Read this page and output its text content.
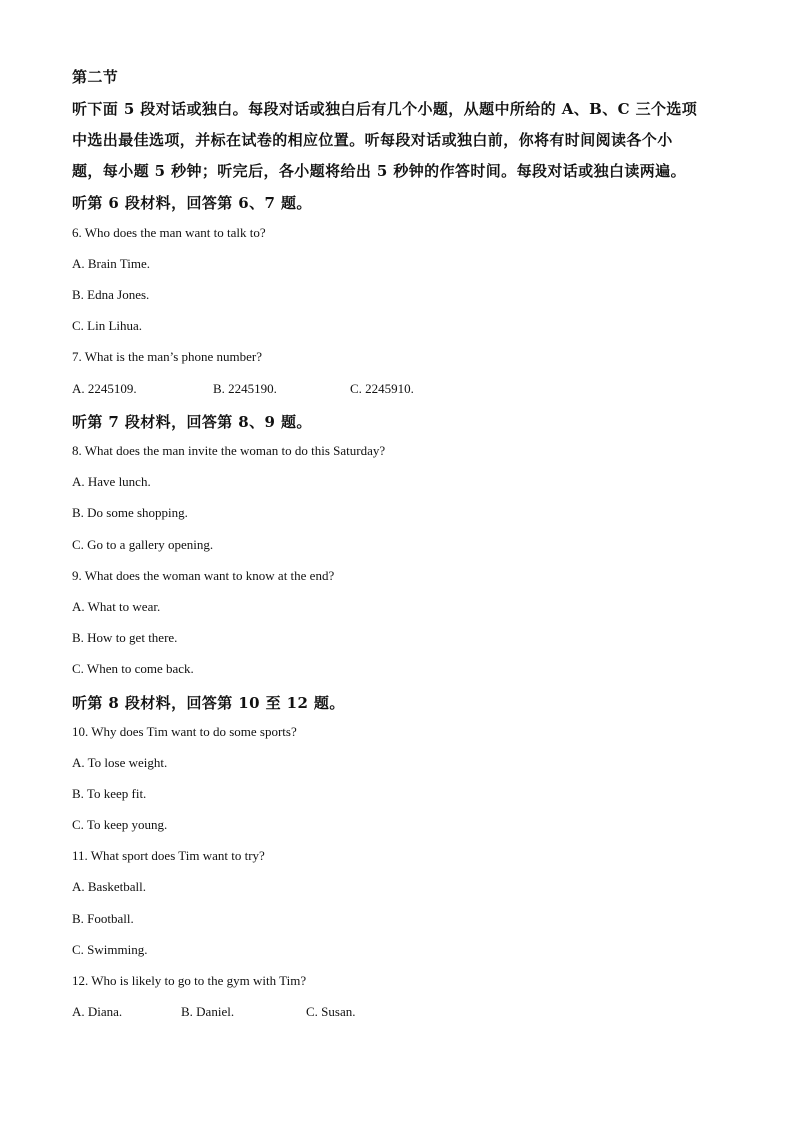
第二节
听下面 5 段对话或独白。每段对话或独白后有几个小题，从题中所给的 A、B、C 三个选项
中选出最佳选项，并标在试卷的相应位置。听每段对话或独白前，你将有时间阅读各个小
题，每小题 5 秒钟；听完后，各小题将给出 5 秒钟的作答时间。每段对话或独白读两遍。
听第 6 段材料，回答第 6、7 题。
6. Who does the man want to talk to?
A. Brain Time.
B. Edna Jones.
C. Lin Lihua.
7. What is the man’s phone number?
A. 2245109.	B. 2245190.	C. 2245910.
听第 7 段材料，回答第 8、9 题。
8. What does the man invite the woman to do this Saturday?
A. Have lunch.
B. Do some shopping.
C. Go to a gallery opening.
9. What does the woman want to know at the end?
A. What to wear.
B. How to get there.
C. When to come back.
听第 8 段材料，回答第 10 至 12 题。
10. Why does Tim want to do some sports?
A. To lose weight.
B. To keep fit.
C. To keep young.
11. What sport does Tim want to try?
A. Basketball.
B. Football.
C. Swimming.
12. Who is likely to go to the gym with Tim?
A. Diana.	B. Daniel.	C. Susan.
